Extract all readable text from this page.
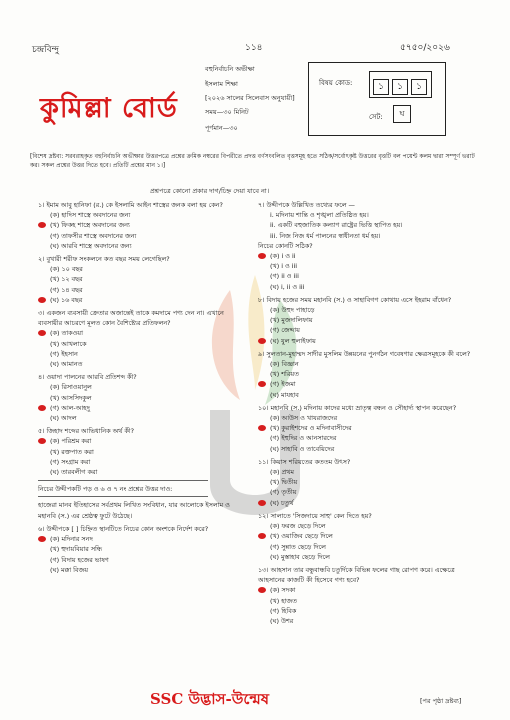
চন্দ্রবিন্দু	১১৪	৫৭৫০/২০২৬
কুমিল্লা বোর্ড
বহুনির্বাচনি অভীক্ষা
ইসলাম শিক্ষা
[২০২৬ সালের সিলেবাস অনুযায়ী]
সময়—৩০ মিনিট
পূর্ণমান—৩০
বিষয় কোড:	১ ১ ১
সেট:	ঘ
[বিশেষ দ্রষ্টব্য: সরবরাহকৃত বহুনির্বাচনি অভীক্ষার উত্তরপত্রে প্রশ্নের ক্রমিক নম্বরের বিপরীতে প্রদত্ত বর্ণসংবলিত বৃত্তসমূহ হতে সঠিক/সর্বোৎকৃষ্ট উত্তরের বৃত্তটি বল পয়েন্ট কলম দ্বারা সম্পূর্ণ ভরাট কর। সকল প্রশ্নের উত্তর দিতে হবে। প্রতিটি প্রশ্নের মান ১।]
প্রশ্নপত্রে কোনো প্রকার দাগ/চিহ্ন দেয়া যাবে না।
১। ইমাম আবু হানিফা (র.) কে ইসলামি আইন শাস্ত্রের জনক বলা হয় কেন?
(ক) হাদিস শাস্ত্রে অবদানের জন্য
(খ) ফিকহ শাস্ত্রে অবদানের জন্য
(গ) তাফসীর শাস্ত্রে অবদানের জন্য
(ঘ) আরবি শাস্ত্রে অবদানের জন্য
২। বুখারী শরীফ সংকলনে কত বছর সময় লেগেছিল?
(ক) ১০ বছর
(খ) ১২ বছর
(গ) ১৪ বছর
(ঘ) ১৬ বছর
৩। একজন ব্যবসায়ী ক্রেতার অজান্তেই তাকে কমদামে পণ্য দেন না। এখানে ব্যবসায়ীর আচরণে মূলত কোন বৈশিষ্ট্যের প্রতিফলন?
(ক) তাকওয়া
(খ) আখলাকে
(গ) ইহসান
(ঘ) আমানত
৪। ওয়াদা পালনের আরবি প্রতিশব্দ কী?
(ক) রিসাওয়ানুল
(খ) আসসিদকুল
(গ) আল-আহদু
(ঘ) আদল
৫। জিহাদ শব্দের আভিধানিক অর্থ কী?
(ক) পরিশ্রম করা
(খ) রক্তপাত করা
(গ) সংগ্রাম করা
(ঘ) তারবলীগ করা
নিচের উদ্দীপকটি পড় ও ৬ ও ৭ নং প্রশ্নের উত্তর দাও:
হাজেরা মানব ইতিহাসের সর্বপ্রথম লিখিত সংবিধান, যার আলোকে ইসলাম ও মহানবি (স.) এর শ্রেষ্ঠত্ব ফুটে উঠেছে।
৬। উদ্দীপকে [ ] চিহ্নিত স্থানটিতে নিচের কোন অংশকে নির্দেশ করে?
(ক) মদিনার সনদ
(খ) হুদায়বিয়ার সন্ধি
(গ) বিদায় হজের ভাষণ
(ঘ) মক্কা বিজয়
৭। উদ্দীপকে উল্লিখিত তথ্যের ফলে —
i. মদিনায় শান্তি ও শৃঙ্খলা প্রতিষ্ঠিত হয়।
ii. একটি বহুজাতিক কল্যাণ রাষ্ট্রের ভিত্তি স্থাপিত হয়।
iii. নিজ নিজ ধর্ম পালনের স্বাধীনতা ধর্ম হয়।
নিচের কোনটি সঠিক?
(ক) i ও ii
(খ) i ও iii
(গ) ii ও iii
(ঘ) i, ii ও iii
৮। বিদায় হজের সময় মহানবি (স.) ও সাহাবিগণ কোথায় এসে ইহরাম বাঁধেন?
(ক) উহুদ পাহাড়ে
(খ) মুজদালিফায়
(গ) জেদ্দায়
(ঘ) যুল হুলাইফায়
৯। সুলতান-মুহাম্মদ সাদীর মুসলিম উন্নয়নের পুনর্গঠন গবেষণার ক্ষেত্রসমূহকে কী বলে?
(ক) বিজ্ঞান
(খ) শরিয়ত
(গ) ইজমা
(ঘ) মাযহাব
১০। মহানবি (স.) মদিনায় কাদের মধ্যে ভ্রাতৃত্ব বন্ধন ও সৌহার্দ্য স্থাপন করেছেন?
(ক) আউস ও খাযরাজদের
(খ) কুরাইশদের ও মদিনাবাসীদের
(গ) ইহুদির ও আনসারদের
(ঘ) সাহাবি ও তাবেয়িদের
১১। কিয়াস শরিয়তের কততম উৎস?
(ক) প্রথম
(খ) দ্বিতীয়
(গ) তৃতীয়
(ঘ) চতুর্থ
১২। সালাতে 'সিজদায়ে সাহু' কেন দিতে হয়?
(ক) ফরজ ছেড়ে দিলে
(খ) ওয়াজিব ছেড়ে দিলে
(গ) সুন্নাত ছেড়ে দিলে
(ঘ) মুস্তাহাব ছেড়ে দিলে
১৩। আহসান তার বন্ধুবান্ধবি চতুর্দিকে বিভিন্ন ফলের গাছ রোপণ করে। এক্ষেত্রে আহসানের কাজটি কী হিসেবে গণ্য হবে?
(ক) সদকা
(খ) হাজত
(গ) হিবিক
(ঘ) উশর
SSC উদ্ভাস-উন্মেষ	[পর পৃষ্ঠা দ্রষ্টব্য]
